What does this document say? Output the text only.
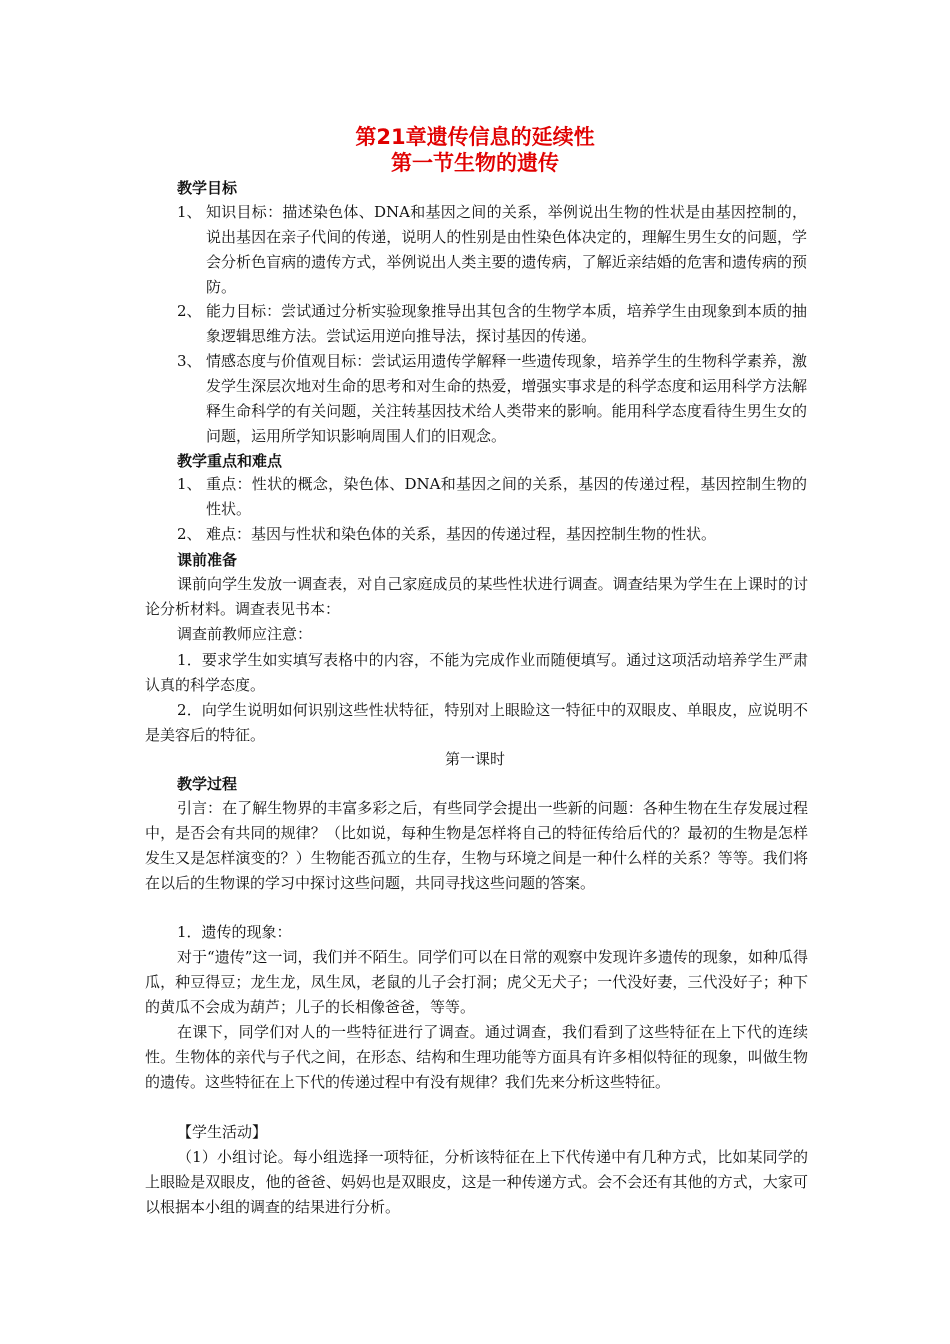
第21章遗传信息的延续性
第一节生物的遗传
教学目标
1、 知识目标：描述染色体、DNA和基因之间的关系，举例说出生物的性状是由基因控制的，说出基因在亲子代间的传递，说明人的性别是由性染色体决定的，理解生男生女的问题，学会分析色盲病的遗传方式，举例说出人类主要的遗传病，了解近亲结婚的危害和遗传病的预防。
2、 能力目标：尝试通过分析实验现象推导出其包含的生物学本质，培养学生由现象到本质的抽象逻辑思维方法。尝试运用逆向推导法，探讨基因的传递。
3、 情感态度与价值观目标：尝试运用遗传学解释一些遗传现象，培养学生的生物科学素养，激发学生深层次地对生命的思考和对生命的热爱，增强实事求是的科学态度和运用科学方法解释生命科学的有关问题，关注转基因技术给人类带来的影响。能用科学态度看待生男生女的问题，运用所学知识影响周围人们的旧观念。
教学重点和难点
1、 重点：性状的概念，染色体、DNA和基因之间的关系，基因的传递过程，基因控制生物的性状。
2、 难点：基因与性状和染色体的关系，基因的传递过程，基因控制生物的性状。
课前准备
课前向学生发放一调查表，对自己家庭成员的某些性状进行调查。调查结果为学生在上课时的讨论分析材料。调查表见书本：
调查前教师应注意：
1．要求学生如实填写表格中的内容，不能为完成作业而随便填写。通过这项活动培养学生严肃认真的科学态度。
2．向学生说明如何识别这些性状特征，特别对上眼睑这一特征中的双眼皮、单眼皮，应说明不是美容后的特征。
第一课时
教学过程
引言：在了解生物界的丰富多彩之后，有些同学会提出一些新的问题：各种生物在生存发展过程中，是否会有共同的规律？（比如说，每种生物是怎样将自己的特征传给后代的？最初的生物是怎样发生又是怎样演变的？）生物能否孤立的生存，生物与环境之间是一种什么样的关系？等等。我们将在以后的生物课的学习中探讨这些问题，共同寻找这些问题的答案。
1．遗传的现象：
对于“遗传”这一词，我们并不陌生。同学们可以在日常的观察中发现许多遗传的现象，如种瓜得瓜，种豆得豆；龙生龙，凤生凤，老鼠的儿子会打洞；虎父无犬子；一代没好妻，三代没好子；种下的黄瓜不会成为葫芦；儿子的长相像爸爸，等等。
在课下，同学们对人的一些特征进行了调查。通过调查，我们看到了这些特征在上下代的连续性。生物体的亲代与子代之间，在形态、结构和生理功能等方面具有许多相似特征的现象，叫做生物的遗传。这些特征在上下代的传递过程中有没有规律？我们先来分析这些特征。
【学生活动】
（1）小组讨论。每小组选择一项特征，分析该特征在上下代传递中有几种方式，比如某同学的上眼睑是双眼皮，他的爸爸、妈妈也是双眼皮，这是一种传递方式。会不会还有其他的方式，大家可以根据本小组的调查的结果进行分析。
